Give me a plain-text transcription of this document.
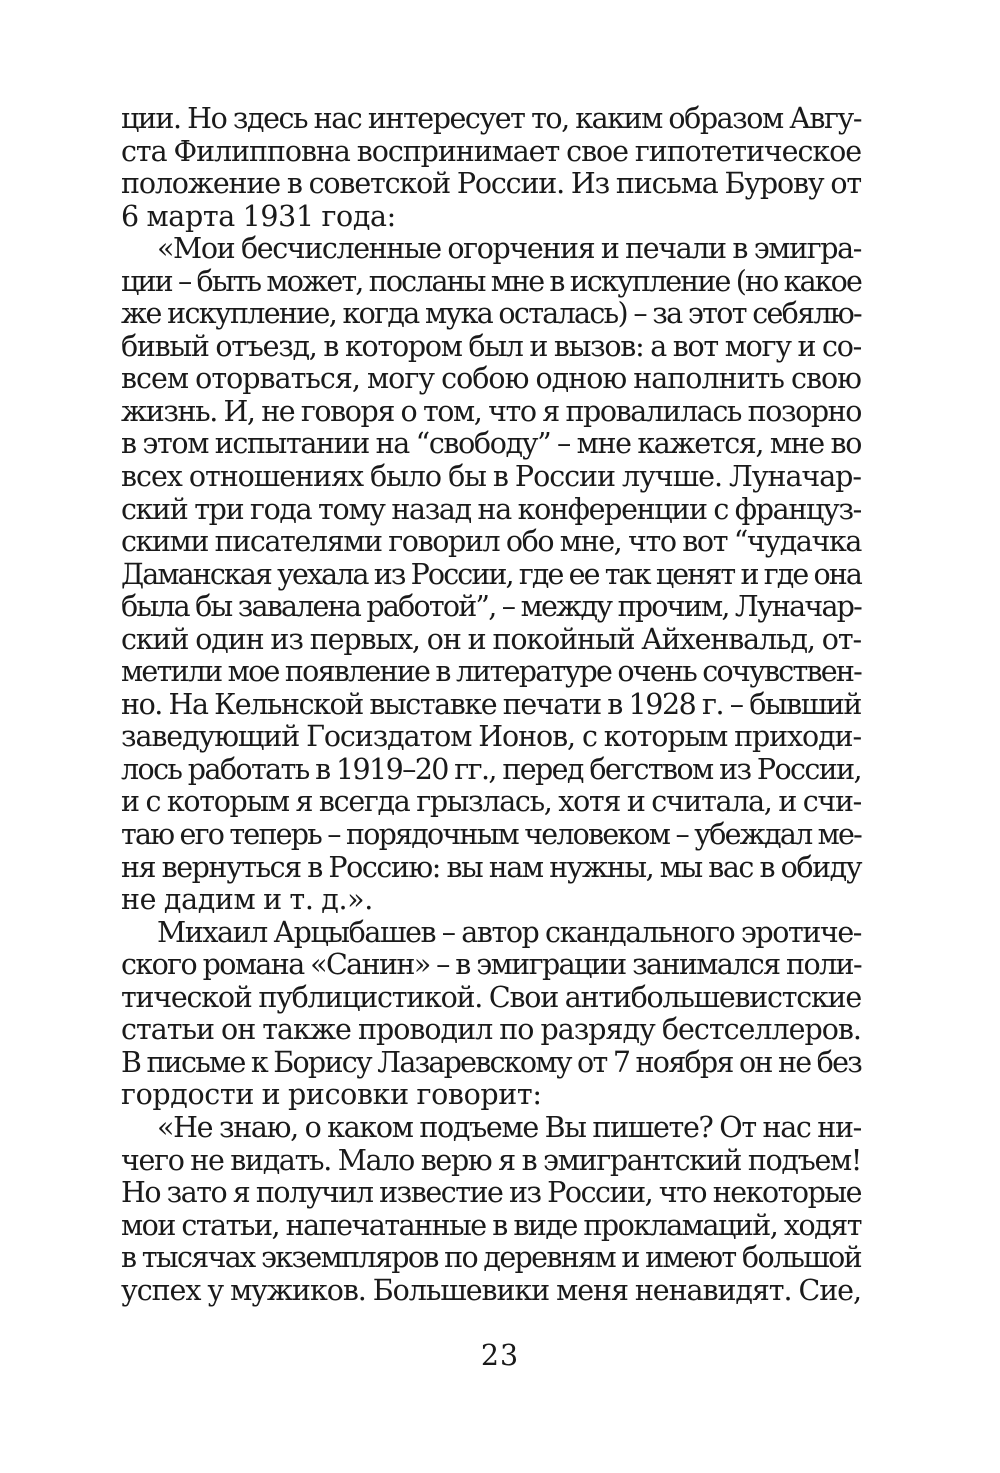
ции. Но здесь нас интересует то, каким образом Авгу-
ста Филипповна воспринимает свое гипотетическое
положение в советской России. Из письма Бурову от
6 марта 1931 года:
«Мои бесчисленные огорчения и печали в эмигра-
ции – быть может, посланы мне в искупление (но какое
же искупление, когда мука осталась) – за этот себялю-
бивый отъезд, в котором был и вызов: а вот могу и со-
всем оторваться, могу собою одною наполнить свою
жизнь. И, не говоря о том, что я провалилась позорно
в этом испытании на “свободу” – мне кажется, мне во
всех отношениях было бы в России лучше. Луначар-
ский три года тому назад на конференции с француз-
скими писателями говорил обо мне, что вот “чудачка
Даманская уехала из России, где ее так ценят и где она
была бы завалена работой”, – между прочим, Луначар-
ский один из первых, он и покойный Айхенвальд, от-
метили мое появление в литературе очень сочувствен-
но. На Кельнской выставке печати в 1928 г. – бывший
заведующий Госиздатом Ионов, с которым приходи-
лось работать в 1919–20 гг., перед бегством из России,
и с которым я всегда грызлась, хотя и считала, и счи-
таю его теперь – порядочным человеком – убеждал ме-
ня вернуться в Россию: вы нам нужны, мы вас в обиду
не дадим и т. д.».
Михаил Арцыбашев – автор скандального эротиче-
ского романа «Санин» – в эмиграции занимался поли-
тической публицистикой. Свои антибольшевистские
статьи он также проводил по разряду бестселлеров.
В письме к Борису Лазаревскому от 7 ноября он не без
гордости и рисовки говорит:
«Не знаю, о каком подъеме Вы пишете? От нас ни-
чего не видать. Мало верю я в эмигрантский подъем!
Но зато я получил известие из России, что некоторые
мои статьи, напечатанные в виде прокламаций, ходят
в тысячах экземпляров по деревням и имеют большой
успех у мужиков. Большевики меня ненавидят. Сие,
23
